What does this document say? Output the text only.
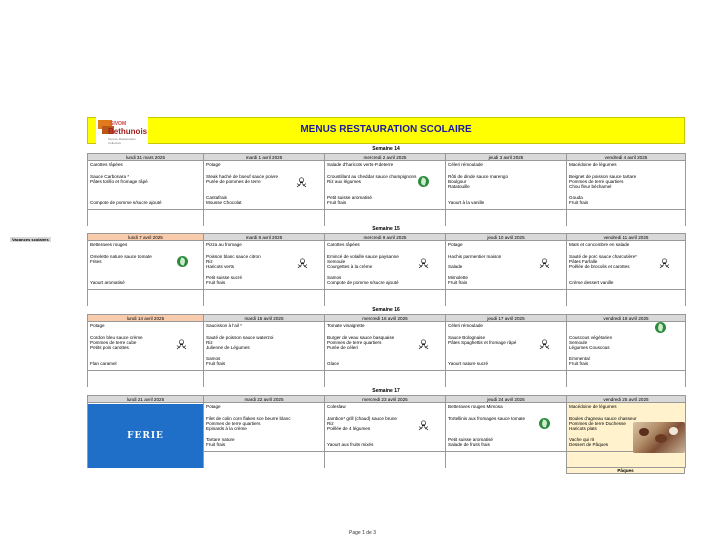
SIVOM
Bethunois
Service Restauration Collective
MENUS RESTAURATION SCOLAIRE
Vacances scolaires
Semaine 14
lundi 31 mars 2025
Carottes râpées
Sauce Carbonara *
Pâtes torillo et fromage râpé
Compote de pomme s/sucre ajouté
mardi 1 avril 2025
Potage
Steak haché de boeuf sauce poivre
Purée de pommes de terre
Cantafrais
Mousse Chocolat
mercredi 2 avril 2025
Salade d'haricots verts-P.deterre
Croustillant au cheddar sauce champignons
Riz aux légumes
Petit suisse aromatisé
Fruit frais
jeudi 3 avril 2025
Céleri rémoulade
Rôti de dinde sauce marengo
Boulgour
Ratatouille
Yaourt à la vanille
vendredi 4 avril 2025
Macédoine de légumes
Beignet de poisson sauce tartare
Pommes de terre quartiers
Chou fleur béchamel
Gouda
Fruit frais
Semaine 15
lundi 7 avril 2025
Betteraves rouges
Omelette nature sauce tomate
Frites
Yaourt aromatisé
mardi 8 avril 2025
Pizza au fromage
Poisson blanc sauce citron
Riz
Haricots verts
Petit suisse sucré
Fruit frais
mercredi 9 avril 2025
Carottes râpées
Emincé de volaille sauce paysanne
Semoule
Courgettes à la crème
Samos
Compote de pomme s/sucre ajouté
jeudi 10 avril 2025
Potage
Hachis parmentier maison
Salade
Mimolette
Fruit frais
vendredi 11 avril 2025
Maïs et concombre en salade
Sauté de porc sauce charcutière*
Pâtes Farfalle
Poêlée de brocolis et carottes
Crème dessert vanille
Semaine 16
lundi 14 avril 2025
Potage
Cordon bleu sauce crème
Pommes de terre cube
Petits pois carottes
Flan caramel
mardi 15 avril 2025
Saucisson à l'ail *
Sauté de poisson sauce waterzoi
Riz
Julienne de Légumes
Samos
Fruit frais
mercredi 16 avril 2025
Tomate vinaigrette
Burger de veau sauce basquaise
Pommes de terre quartiers
Purée de céleri
Glace
jeudi 17 avril 2025
Céleri rémoulade
Sauce Bolognaise
Pâtes Spaghettis et fromage râpé
Yaourt nature sucré
vendredi 18 avril 2025
Couscous végétarien
Semoule
Légumes Couscous
Emmental
Fruit frais
Semaine 17
lundi 21 avril 2025	mardi 22 avril 2025
Potage
Filet de colin corn flakes sce beurre blanc
Pommes de terre quartiers
Epinards à la crème
Tartare nature
Fruit frais
mercredi 23 avril 2025
Coleslaw
Jambon* grill (chaud) sauce brune
Riz
Poêlée de 4 légumes
Yaourt aux fruits mixés
jeudi 24 avril 2025
Betteraves rouges Mimosa
Tortellinis aux fromages sauce tomate
Petit suisse aromatisé
Salade de fruits frais
vendredi 25 avril 2025
Macédoine de légumes
Boules d'agneau sauce chasseur
Pommes de terre Duchesse
Haricots plats
Vache qui rit
Dessert de Pâques
FERIE
Pâques
Page 1 de 3
